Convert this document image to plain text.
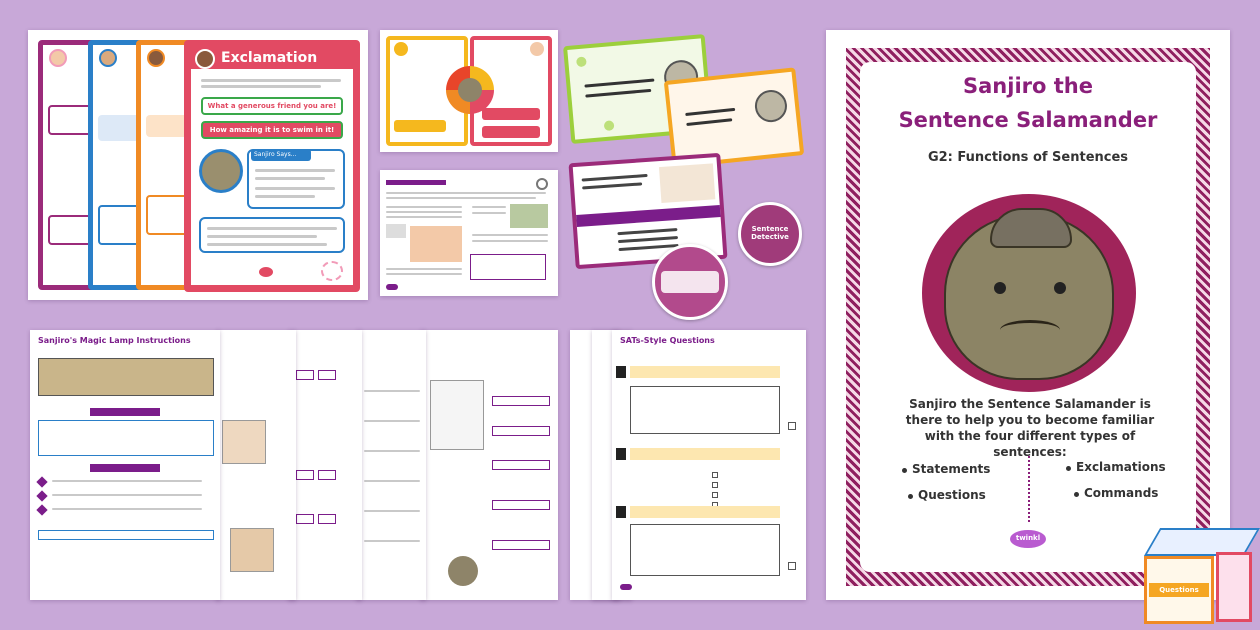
Exclamation
What a generous friend you are!
How amazing it is to swim in it!
Sanjiro Says...
Sentence Detective
Sanjiro's Magic Lamp Instructions	SATs-Style Questions
Sanjiro the
Sentence Salamander
G2: Functions of Sentences
Sanjiro the Sentence Salamander is there to help you to become familiar with the four different types of sentences:
Statements
Questions
Exclamations
Commands
twinkl
Questions
